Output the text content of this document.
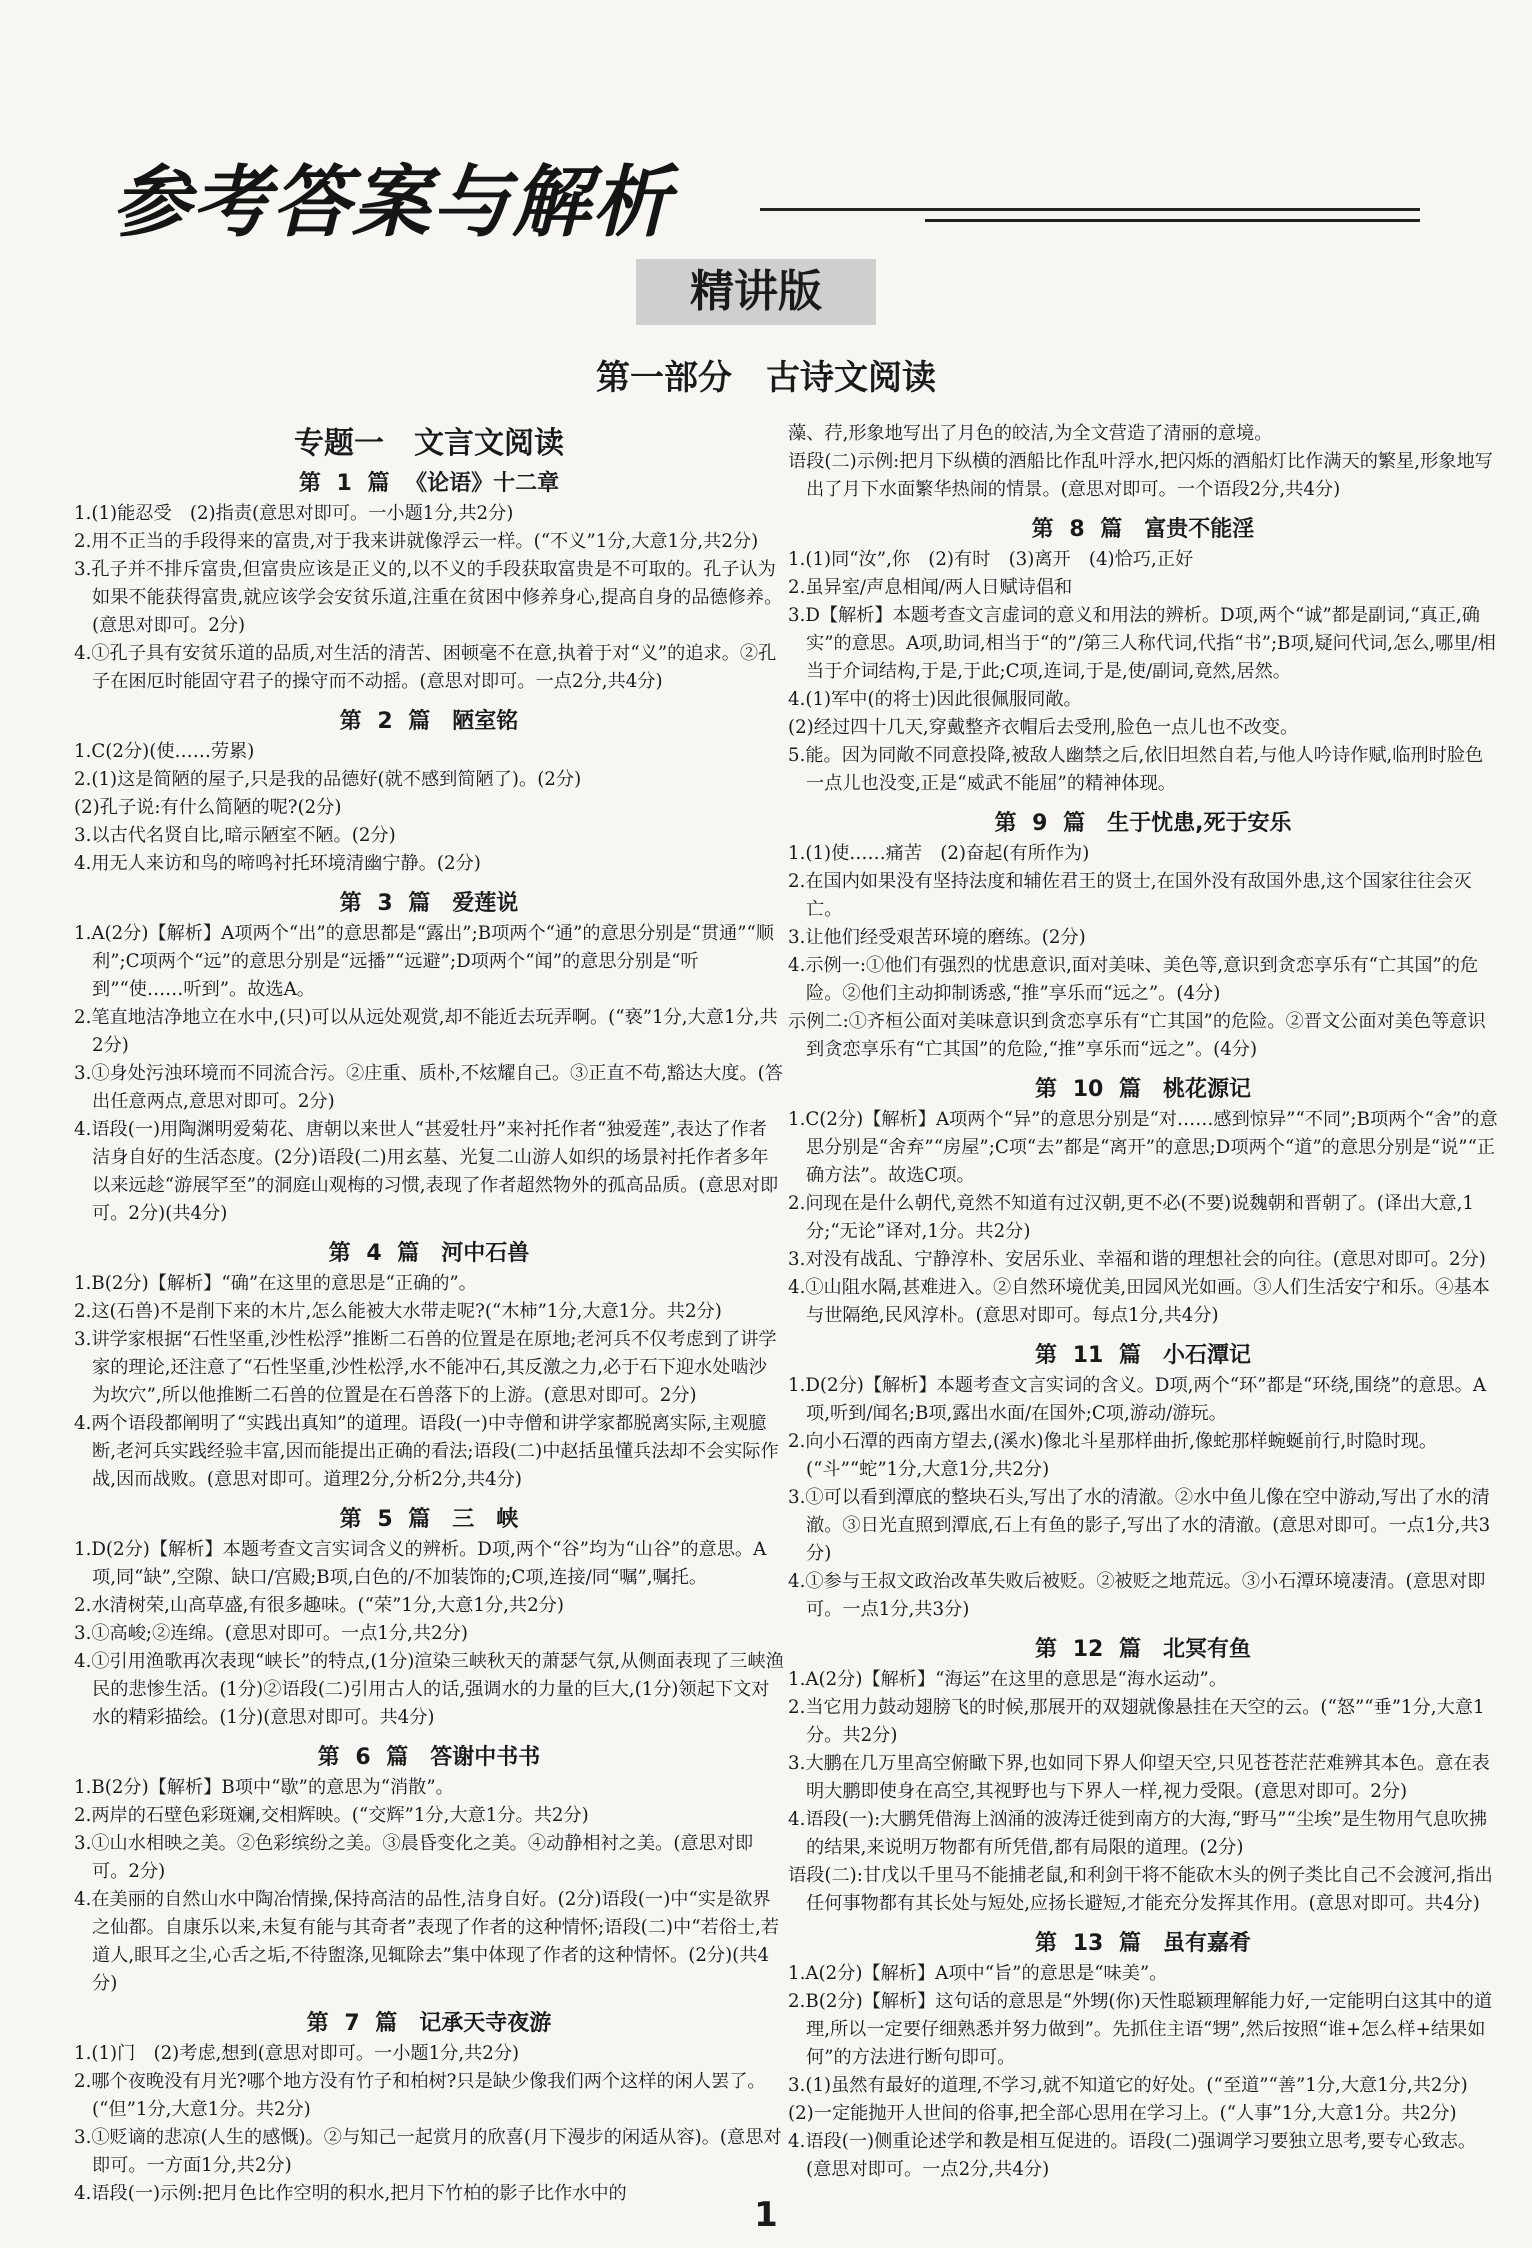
参考答案与解析
精讲版
第一部分　古诗文阅读
专题一　文言文阅读
第 1 篇 《论语》十二章

1.(1)能忍受　(2)指责(意思对即可。一小题1分,共2分)

2.用不正当的手段得来的富贵,对于我来讲就像浮云一样。(“不义”1分,大意1分,共2分)

3.孔子并不排斥富贵,但富贵应该是正义的,以不义的手段获取富贵是不可取的。孔子认为如果不能获得富贵,就应该学会安贫乐道,注重在贫困中修养身心,提高自身的品德修养。(意思对即可。2分)

4.①孔子具有安贫乐道的品质,对生活的清苦、困顿毫不在意,执着于对“义”的追求。②孔子在困厄时能固守君子的操守而不动摇。(意思对即可。一点2分,共4分)

第 2 篇　陋室铭

1.C(2分)(使……劳累)

2.(1)这是简陋的屋子,只是我的品德好(就不感到简陋了)。(2分)

(2)孔子说:有什么简陋的呢?(2分)

3.以古代名贤自比,暗示陋室不陋。(2分)

4.用无人来访和鸟的啼鸣衬托环境清幽宁静。(2分)

第 3 篇　爱莲说

1.A(2分)【解析】A项两个“出”的意思都是“露出”;B项两个“通”的意思分别是“贯通”“顺利”;C项两个“远”的意思分别是“远播”“远避”;D项两个“闻”的意思分别是“听到”“使……听到”。故选A。

2.笔直地洁净地立在水中,(只)可以从远处观赏,却不能近去玩弄啊。(“亵”1分,大意1分,共2分)

3.①身处污浊环境而不同流合污。②庄重、质朴,不炫耀自己。③正直不苟,豁达大度。(答出任意两点,意思对即可。2分)

4.语段(一)用陶渊明爱菊花、唐朝以来世人“甚爱牡丹”来衬托作者“独爱莲”,表达了作者洁身自好的生活态度。(2分)语段(二)用玄墓、光复二山游人如织的场景衬托作者多年以来远趁“游展罕至”的洞庭山观梅的习惯,表现了作者超然物外的孤高品质。(意思对即可。2分)(共4分)

第 4 篇　河中石兽

1.B(2分)【解析】“确”在这里的意思是“正确的”。

2.这(石兽)不是削下来的木片,怎么能被大水带走呢?(“木柿”1分,大意1分。共2分)

3.讲学家根据“石性坚重,沙性松浮”推断二石兽的位置是在原地;老河兵不仅考虑到了讲学家的理论,还注意了“石性坚重,沙性松浮,水不能冲石,其反激之力,必于石下迎水处啮沙为坎穴”,所以他推断二石兽的位置是在石兽落下的上游。(意思对即可。2分)

4.两个语段都阐明了“实践出真知”的道理。语段(一)中寺僧和讲学家都脱离实际,主观臆断,老河兵实践经验丰富,因而能提出正确的看法;语段(二)中赵括虽懂兵法却不会实际作战,因而战败。(意思对即可。道理2分,分析2分,共4分)

第 5 篇　三　峡

1.D(2分)【解析】本题考查文言实词含义的辨析。D项,两个“谷”均为“山谷”的意思。A项,同“缺”,空隙、缺口/宫殿;B项,白色的/不加装饰的;C项,连接/同“嘱”,嘱托。

2.水清树荣,山高草盛,有很多趣味。(“荣”1分,大意1分,共2分)

3.①高峻;②连绵。(意思对即可。一点1分,共2分)

4.①引用渔歌再次表现“峡长”的特点,(1分)渲染三峡秋天的萧瑟气氛,从侧面表现了三峡渔民的悲惨生活。(1分)②语段(二)引用古人的话,强调水的力量的巨大,(1分)领起下文对水的精彩描绘。(1分)(意思对即可。共4分)

第 6 篇　答谢中书书

1.B(2分)【解析】B项中“歇”的意思为“消散”。

2.两岸的石壁色彩斑斓,交相辉映。(“交辉”1分,大意1分。共2分)

3.①山水相映之美。②色彩缤纷之美。③晨昏变化之美。④动静相衬之美。(意思对即可。2分)

4.在美丽的自然山水中陶冶情操,保持高洁的品性,洁身自好。(2分)语段(一)中“实是欲界之仙都。自康乐以来,未复有能与其奇者”表现了作者的这种情怀;语段(二)中“若俗士,若道人,眼耳之尘,心舌之垢,不待盥涤,见辄除去”集中体现了作者的这种情怀。(2分)(共4分)

第 7 篇　记承天寺夜游

1.(1)门　(2)考虑,想到(意思对即可。一小题1分,共2分)

2.哪个夜晚没有月光?哪个地方没有竹子和柏树?只是缺少像我们两个这样的闲人罢了。(“但”1分,大意1分。共2分)

3.①贬谪的悲凉(人生的感慨)。②与知己一起赏月的欣喜(月下漫步的闲适从容)。(意思对即可。一方面1分,共2分)

4.语段(一)示例:把月色比作空明的积水,把月下竹柏的影子比作水中的

藻、荇,形象地写出了月色的皎洁,为全文营造了清丽的意境。

语段(二)示例:把月下纵横的酒船比作乱叶浮水,把闪烁的酒船灯比作满天的繁星,形象地写出了月下水面繁华热闹的情景。(意思对即可。一个语段2分,共4分)

第 8 篇　富贵不能淫

1.(1)同“汝”,你　(2)有时　(3)离开　(4)恰巧,正好

2.虽异室/声息相闻/两人日赋诗倡和

3.D【解析】本题考查文言虚词的意义和用法的辨析。D项,两个“诚”都是副词,“真正,确实”的意思。A项,助词,相当于“的”/第三人称代词,代指“书”;B项,疑问代词,怎么,哪里/相当于介词结构,于是,于此;C项,连词,于是,使/副词,竟然,居然。

4.(1)军中(的将士)因此很佩服同敞。

(2)经过四十几天,穿戴整齐衣帽后去受刑,脸色一点儿也不改变。

5.能。因为同敞不同意投降,被敌人幽禁之后,依旧坦然自若,与他人吟诗作赋,临刑时脸色一点儿也没变,正是“威武不能屈”的精神体现。

第 9 篇　生于忧患,死于安乐

1.(1)使……痛苦　(2)奋起(有所作为)

2.在国内如果没有坚持法度和辅佐君王的贤士,在国外没有敌国外患,这个国家往往会灭亡。

3.让他们经受艰苦环境的磨练。(2分)

4.示例一:①他们有强烈的忧患意识,面对美味、美色等,意识到贪恋享乐有“亡其国”的危险。②他们主动抑制诱惑,“推”享乐而“远之”。(4分)

示例二:①齐桓公面对美味意识到贪恋享乐有“亡其国”的危险。②晋文公面对美色等意识到贪恋享乐有“亡其国”的危险,“推”享乐而“远之”。(4分)

第 10 篇　桃花源记

1.C(2分)【解析】A项两个“异”的意思分别是“对……感到惊异”“不同”;B项两个“舍”的意思分别是“舍弃”“房屋”;C项“去”都是“离开”的意思;D项两个“道”的意思分别是“说”“正确方法”。故选C项。

2.问现在是什么朝代,竟然不知道有过汉朝,更不必(不要)说魏朝和晋朝了。(译出大意,1分;“无论”译对,1分。共2分)

3.对没有战乱、宁静淳朴、安居乐业、幸福和谐的理想社会的向往。(意思对即可。2分)

4.①山阻水隔,甚难进入。②自然环境优美,田园风光如画。③人们生活安宁和乐。④基本与世隔绝,民风淳朴。(意思对即可。每点1分,共4分)

第 11 篇　小石潭记

1.D(2分)【解析】本题考查文言实词的含义。D项,两个“环”都是“环绕,围绕”的意思。A项,听到/闻名;B项,露出水面/在国外;C项,游动/游玩。

2.向小石潭的西南方望去,(溪水)像北斗星那样曲折,像蛇那样蜿蜒前行,时隐时现。(“斗”“蛇”1分,大意1分,共2分)

3.①可以看到潭底的整块石头,写出了水的清澈。②水中鱼儿像在空中游动,写出了水的清澈。③日光直照到潭底,石上有鱼的影子,写出了水的清澈。(意思对即可。一点1分,共3分)

4.①参与王叔文政治改革失败后被贬。②被贬之地荒远。③小石潭环境凄清。(意思对即可。一点1分,共3分)

第 12 篇　北冥有鱼

1.A(2分)【解析】“海运”在这里的意思是“海水运动”。

2.当它用力鼓动翅膀飞的时候,那展开的双翅就像悬挂在天空的云。(“怒”“垂”1分,大意1分。共2分)

3.大鹏在几万里高空俯瞰下界,也如同下界人仰望天空,只见苍苍茫茫难辨其本色。意在表明大鹏即使身在高空,其视野也与下界人一样,视力受限。(意思对即可。2分)

4.语段(一):大鹏凭借海上汹涌的波涛迁徙到南方的大海,“野马”“尘埃”是生物用气息吹拂的结果,来说明万物都有所凭借,都有局限的道理。(2分)

语段(二):甘戊以千里马不能捕老鼠,和利剑干将不能砍木头的例子类比自己不会渡河,指出任何事物都有其长处与短处,应扬长避短,才能充分发挥其作用。(意思对即可。共4分)

第 13 篇　虽有嘉肴

1.A(2分)【解析】A项中“旨”的意思是“味美”。

2.B(2分)【解析】这句话的意思是“外甥(你)天性聪颖理解能力好,一定能明白这其中的道理,所以一定要仔细熟悉并努力做到”。先抓住主语“甥”,然后按照“谁+怎么样+结果如何”的方法进行断句即可。

3.(1)虽然有最好的道理,不学习,就不知道它的好处。(“至道”“善”1分,大意1分,共2分)

(2)一定能抛开人世间的俗事,把全部心思用在学习上。(“人事”1分,大意1分。共2分)

4.语段(一)侧重论述学和教是相互促进的。语段(二)强调学习要独立思考,要专心致志。(意思对即可。一点2分,共4分)

1
